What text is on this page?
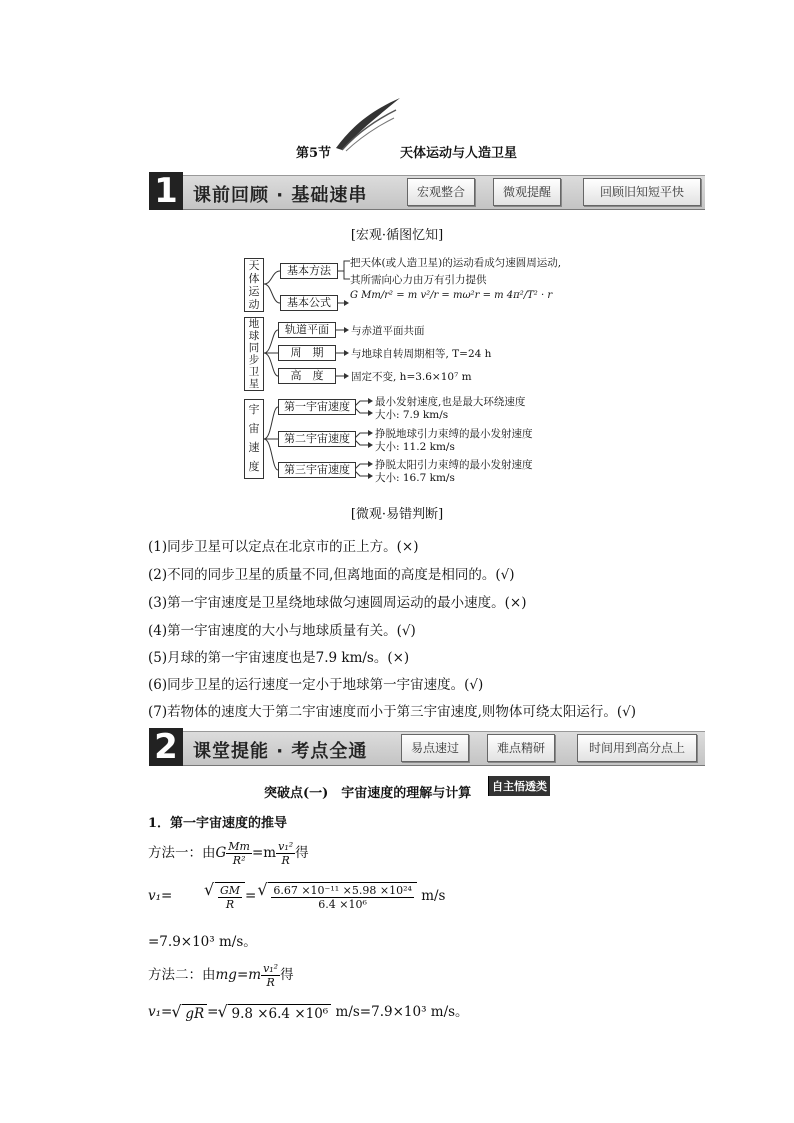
第5节	天体运动与人造卫星
1 课前回顾 · 基础速串	宏观整合	微观提醒	回顾旧知短平快
[宏观·循图忆知]
天体运动
基本方法
把天体(或人造卫星)的运动看成匀速圆周运动,
其所需向心力由万有引力提供
基本公式
G Mm/r² = m v²/r = mω²r = m 4π²/T² · r
地球同步卫星
轨道平面	与赤道平面共面
周　期	与地球自转周期相等, T=24 h
高　度	固定不变, h=3.6×10⁷ m
宇宙速度
第一宇宙速度	最小发射速度,也是最大环绕速度
大小: 7.9 km/s
第二宇宙速度	挣脱地球引力束缚的最小发射速度
大小: 11.2 km/s
第三宇宙速度	挣脱太阳引力束缚的最小发射速度
大小: 16.7 km/s
[微观·易错判断]
(1)同步卫星可以定点在北京市的正上方。(×)
(2)不同的同步卫星的质量不同,但离地面的高度是相同的。(√)
(3)第一宇宙速度是卫星绕地球做匀速圆周运动的最小速度。(×)
(4)第一宇宙速度的大小与地球质量有关。(√)
(5)月球的第一宇宙速度也是7.9 km/s。(×)
(6)同步卫星的运行速度一定小于地球第一宇宙速度。(√)
(7)若物体的速度大于第二宇宙速度而小于第三宇宙速度,则物体可绕太阳运行。(√)
2 课堂提能 · 考点全通	易点速过	难点精研	时间用到高分点上
突破点(一)　宇宙速度的理解与计算	自主悟透类
1．第一宇宙速度的推导
方法一：由G $\frac{Mm}{\text{R²}} =m \frac{\text{v₁²}}{R}$ 得
v₁=	√ $\frac{GM}{R}$ = √ $\frac{\text{6.67 ×10⁻¹¹ ×5.98 ×10²⁴}}{\text{6.4 ×10⁶}} m/s$
=7.9×10³ m/s。
方法二：由$mg=m \frac{\text{v₁²}}{R}$ 得
v₁= √ gR = √ 9.8 ×6.4 ×10⁶ m/s=7.9×10³ m/s。
